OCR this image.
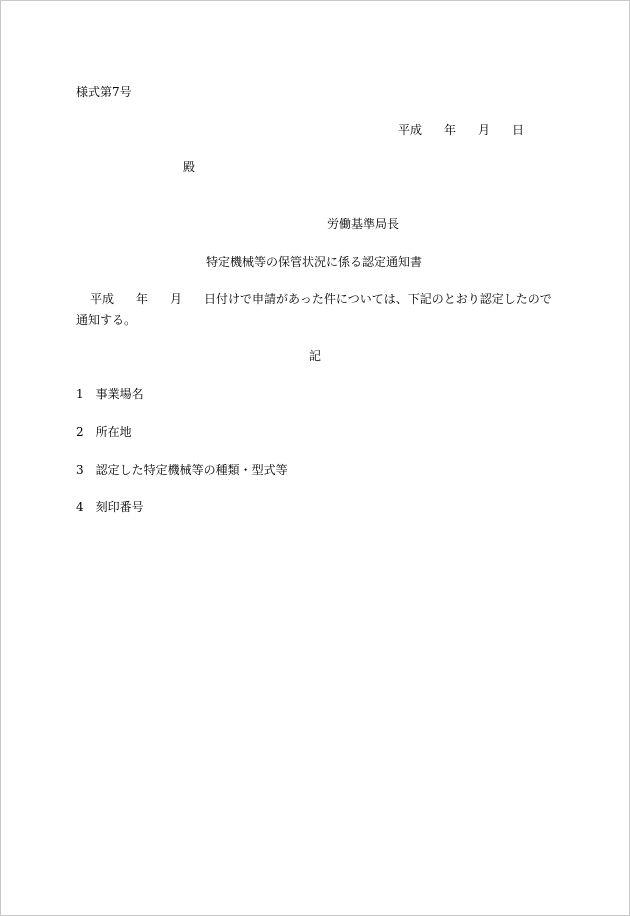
様式第7号
平成 年 月 日
殿
労働基準局長
特定機械等の保管状況に係る認定通知書
平成 年 月 日付けで申請があった件については、下記のとおり認定したので
通知する。
記
1 事業場名
2 所在地
3 認定した特定機械等の種類・型式等
4 刻印番号
